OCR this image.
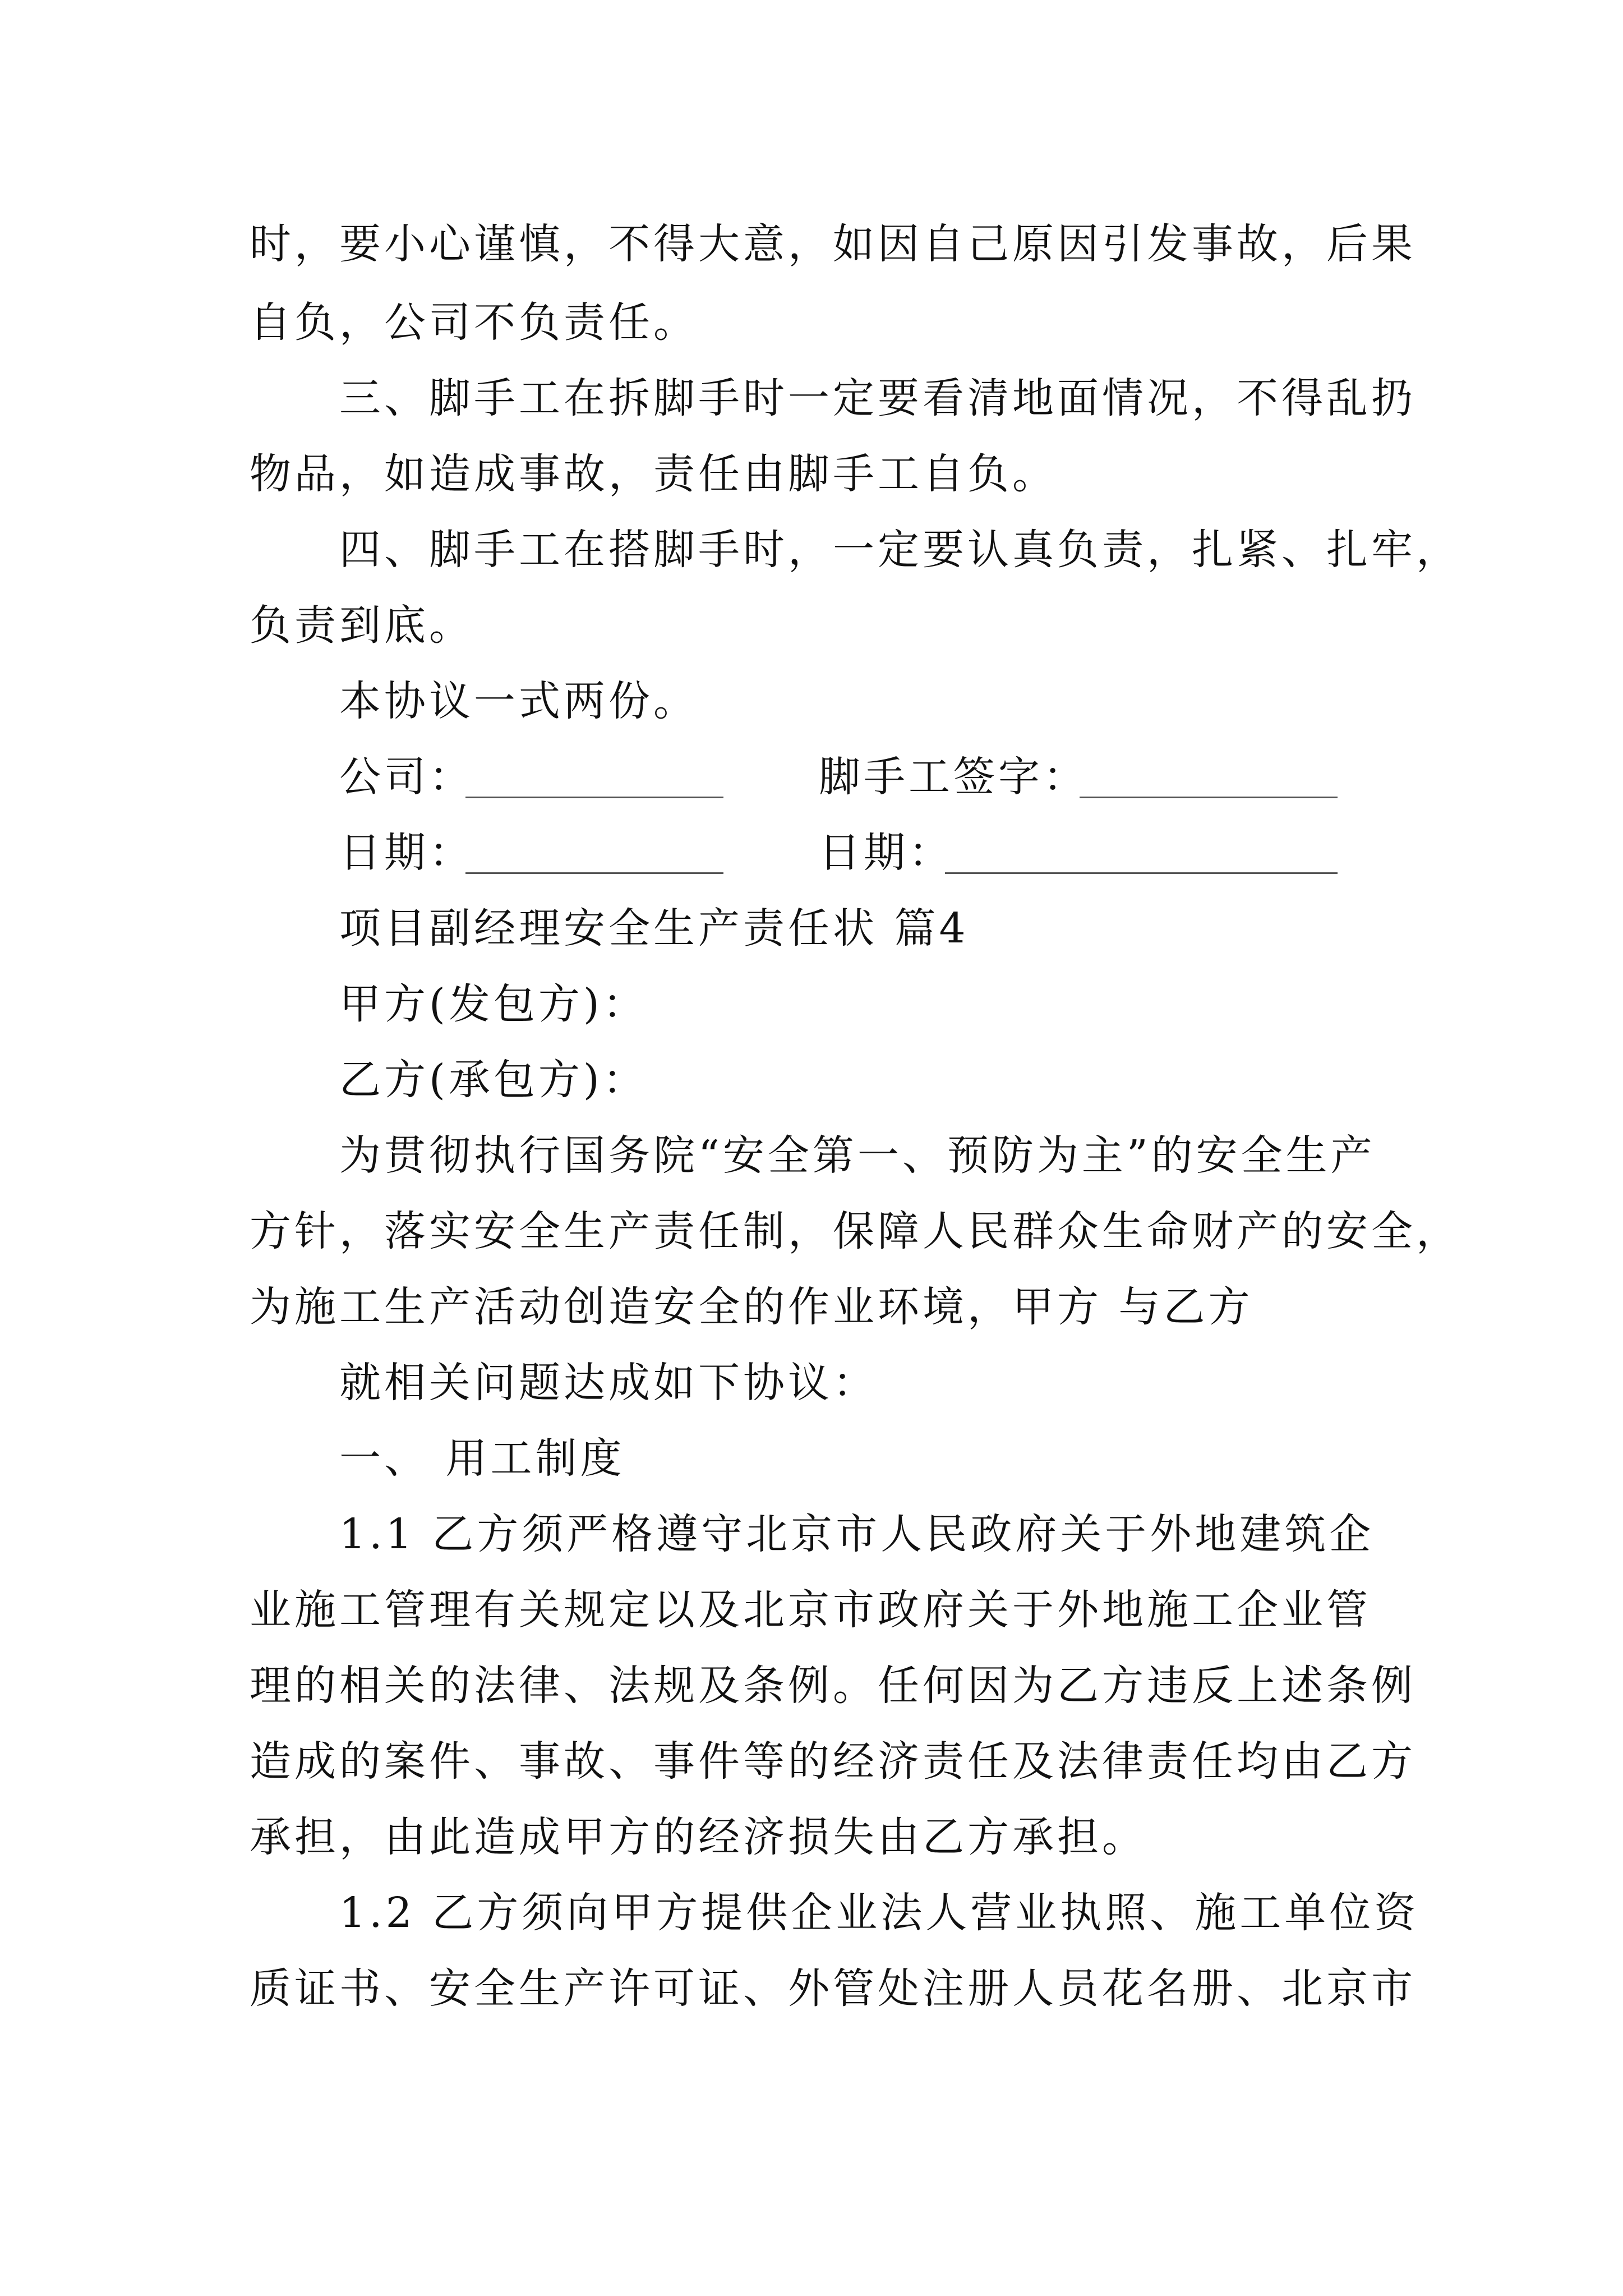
时，要小心谨慎，不得大意，如因自己原因引发事故，后果
自负，公司不负责任。
三、脚手工在拆脚手时一定要看清地面情况，不得乱扔
物品，如造成事故，责任由脚手工自负。
四、脚手工在搭脚手时，一定要认真负责，扎紧、扎牢，
负责到底。
本协议一式两份。
公司：	脚手工签字：
日期：	日期：
项目副经理安全生产责任状 篇4
甲方(发包方)：
乙方(承包方)：
为贯彻执行国务院“安全第一、预防为主”的安全生产
方针，落实安全生产责任制，保障人民群众生命财产的安全，
为施工生产活动创造安全的作业环境，甲方 与乙方
就相关问题达成如下协议：
一、 用工制度
1.1 乙方须严格遵守北京市人民政府关于外地建筑企
业施工管理有关规定以及北京市政府关于外地施工企业管
理的相关的法律、法规及条例。任何因为乙方违反上述条例
造成的案件、事故、事件等的经济责任及法律责任均由乙方
承担，由此造成甲方的经济损失由乙方承担。
1.2 乙方须向甲方提供企业法人营业执照、施工单位资
质证书、安全生产许可证、外管处注册人员花名册、北京市
